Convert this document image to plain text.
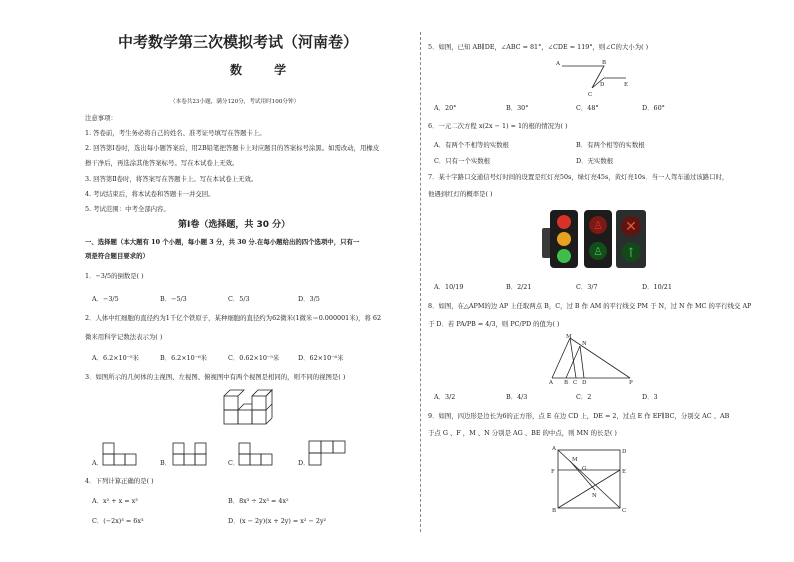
中考数学第三次模拟考试（河南卷）
数 学
（本卷共23小题，满分120分，考试用时100分钟）
注意事项：
1. 答卷前，考生务必将自己的姓名、准考证号填写在答题卡上。
2. 回答第Ⅰ卷时，选出每小题答案后，用2B铅笔把答题卡上对应题目的答案标号涂黑。如需改动，用橡皮
擦干净后，再选涂其他答案标号。写在本试卷上无效。
3. 回答第Ⅱ卷时，将答案写在答题卡上。写在本试卷上无效。
4. 考试结束后，将本试卷和答题卡一并交回。
5. 考试范围：中考全部内容。
第Ⅰ卷（选择题，共 30 分）
一、选择题（本大题有 10 个小题，每小题 3 分，共 30 分.在每小题给出的四个选项中，只有一
项是符合题目要求的）
1．−3/5的倒数是( )
A．−3/5	B．−5/3	C．5/3	D．3/5
2．人体中红细胞的直径约为1千亿个铁原子，某种细胞的直径约为62微米(1微米＝0.000001米)，将 62
微米用科学记数法表示为( )
A．6.2×10⁻⁵米	B．6.2×10⁻⁶米	C．0.62×10⁻⁵米	D．62×10⁻⁶米
3．如图所示的几何体的主视图、左视图、俯视图中有两个视图是相同的，则不同的视图是( )
A．	B．	C．	D．
4．下列计算正确的是( )
A．x² + x = x³	B．8x³ ÷ 2x³ = 4x²
C．(−2x)³ = 6x³	D．(x − 2y)(x + 2y) = x² − 2y²
5．如图，已知 AB∥DE，∠ABC = 81°，∠CDE = 119°，则∠C的大小为( )
A	B
C
D	E
A．20°	B．30°	C．48°	D．60°
6．一元二次方程 x(2x − 1) = 1的根的情况为( )
A．有两个不相等的实数根	B．有两个相等的实数根
C．只有一个实数根	D．无实数根
7．某十字路口交通信号灯时间的设置是红灯亮50s，绿灯亮45s，黄灯亮10s．当一人驾车通过该路口时，
他遇到红灯的概率是( )
♙
♙
✕
↑
A．10/19	B．2/21	C．3/7	D．10/21
8．如图，在△APM的边 AP 上任取两点 B，C，过 B 作 AM 的平行线交 PM 于 N，过 N 作 MC 的平行线交 AP
于 D．若 PA/PB = 4/3，则 PC/PD 的值为( )
M
N
A B C D	P
A．3/2	B．4/3	C．2	D．3
9．如图，四边形是边长为6的正方形，点 E 在边 CD 上，DE = 2，过点 E 作 EF∥BC，分别交 AC 、AB
于点 G 、F ，M 、N 分别是 AG 、BE 的中点，则 MN 的长是( )
A	D
M
G
F	E
N
B	C
